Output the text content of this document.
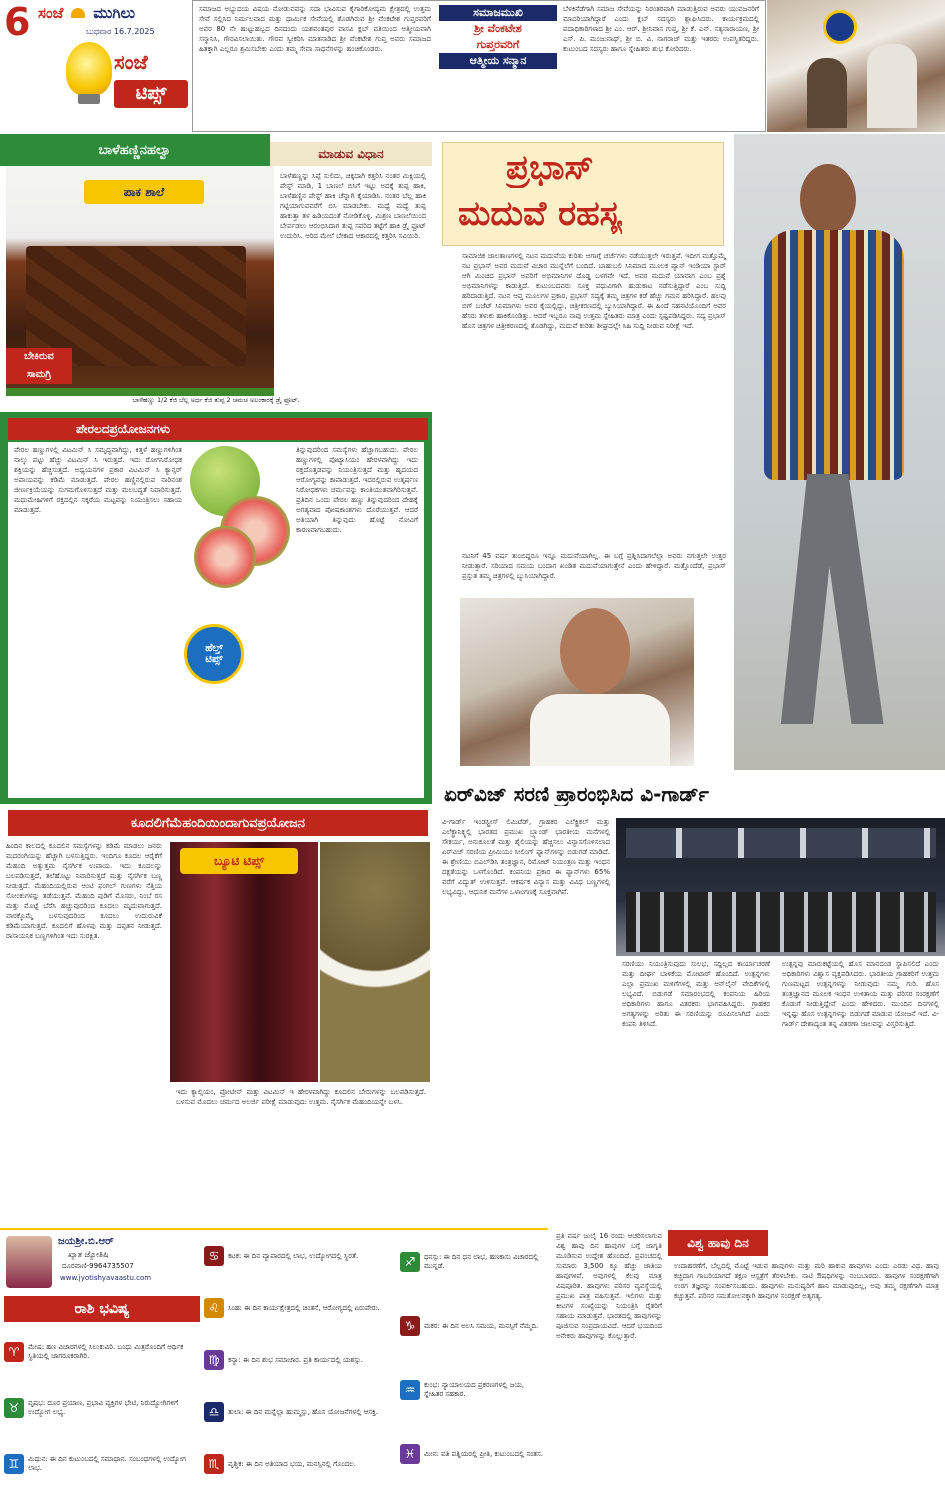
6 ಸಂಜೆ ಮುಗಿಲು
ಬುಧವಾರ 16.7.2025
ಸಂಜೆ
ಟಿಪ್ಸ್
ಸಮಾಜದ ಅಭ್ಯುದಯ ವಿಷಯ ನೋಡುವವನ್ನು ಸದಾ ಭಾವಿಸುವ ಕೈಗಾರಿಕೋದ್ಯಮ ಕ್ಷೇತ್ರದಲ್ಲಿ ಉತ್ತಮ ಸೇವೆ ಸಲ್ಲಿಸಿದ ನಿರ್ಮಲವಾದ ಮತ್ತು ಧಾರ್ಮಿಕ ಸೇವೆಯಲ್ಲಿ ತೊಡಗಿರುವ ಶ್ರೀ ವೆಂಕಟೇಶ ಗುಪ್ತರವರಿಗೆ ಅವರ 80 ನೇ ಹುಟ್ಟುಹಬ್ಬದ ದಿನದಂದು ಯಶವಂತಪುರ ವಾಸವಿ ಕ್ಲಬ್ ವತಿಯಿಂದ ಆತ್ಮೀಯವಾಗಿ ಸನ್ಮಾನಿಸಿ, ಗೌರವಿಸಲಾಯಿತು. ಗೌರವ ಸ್ವೀಕರಿಸಿ ಮಾತನಾಡಿದ ಶ್ರೀ ವೆಂಕಟೇಶ ಗುಪ್ತ ಅವರು ಸಮಾಜದ ಹಿತಕ್ಕಾಗಿ ಎಲ್ಲರೂ ಶ್ರಮಿಸಬೇಕು ಎಂದು ತಮ್ಮ ಸೇವಾ ಸಾಧನೆಗಳನ್ನು ಹಂಚಿಕೊಂಡರು.
ಸಮಾಜಮುಖಿ
ಶ್ರೀ ವೆಂಕಟೇಶ
ಗುಪ್ತರವರಿಗೆ
ಆತ್ಮೀಯ ಸನ್ಮಾನ
ಬೆಳಕಿನೆಡೆಗಾಗಿ ಸಮಾಜ ಸೇವೆಯನ್ನು ನಿರಂತರವಾಗಿ ಮಾಡುತ್ತಿರುವ ಅವರು ಯುವಜನರಿಗೆ ಮಾದರಿಯಾಗಿದ್ದಾರೆ ಎಂದು ಕ್ಲಬ್ ಸದಸ್ಯರು ಶ್ಲಾಘಿಸಿದರು. ಕಾರ್ಯಕ್ರಮದಲ್ಲಿ ಪದಾಧಿಕಾರಿಗಳಾದ ಶ್ರೀ ಎಂ. ಆರ್. ಶ್ರೀನಿವಾಸ ಗುಪ್ತ, ಶ್ರೀ ಕೆ. ಎನ್. ಸತ್ಯನಾರಾಯಣ, ಶ್ರೀ ಎಸ್. ಪಿ. ಮಂಜುನಾಥ್, ಶ್ರೀ ಬಿ. ವಿ. ನಾಗರಾಜ್ ಮತ್ತು ಇತರರು ಉಪಸ್ಥಿತರಿದ್ದರು. ಕುಟುಂಬದ ಸದಸ್ಯರು ಹಾಗೂ ಸ್ನೇಹಿತರು ಶುಭ ಕೋರಿದರು.
ಬಾಳೆಹಣ್ಣಿನಹಲ್ವಾ	ಮಾಡುವ ವಿಧಾನ
ಪಾಕ ಶಾಲೆ
ಬೇಕಿರುವ
ಸಾಮಗ್ರಿ
ಬಾಳೆಹಣ್ಣು 1/2 ಕೆಜಿ ಬೆಲ್ಲ ಅರ್ಧ ಕೆಜಿ ತುಪ್ಪ 2 ಚಮಚ ಅಲಂಕಾರಕ್ಕೆ ಡ್ರೈ ಫ್ರೂಟ್.
ಬಾಳೆಹಣ್ಣನ್ನು ಸಿಪ್ಪೆ ಸುಲಿದು, ಚಿಕ್ಕದಾಗಿ ಕತ್ತರಿಸಿ ನಂತರ ಮಿಕ್ಸಿಯಲ್ಲಿ ಪೇಸ್ಟ್ ಮಾಡಿ, 1 ಬಾಣಲೆ ಬಿಸಿಗೆ ಇಟ್ಟು ಅದಕ್ಕೆ ತುಪ್ಪ ಹಾಕಿ, ಬಾಳೆಹಣ್ಣಿನ ಪೇಸ್ಟ್ ಹಾಕಿ ಚೆನ್ನಾಗಿ ಕೈಯಾಡಿಸಿ. ನಂತರ ಬೆಲ್ಲ ಹಾಕಿ ಗಟ್ಟಿಯಾಗುವವರೆಗೆ ಬಿಸಿ ಮಾಡಬೇಕು. ಮಧ್ಯೆ ಮಧ್ಯೆ ತುಪ್ಪ ಹಾಕುತ್ತಾ ತಳ ಹಿಡಿಯದಂತೆ ನೋಡಿಕೊಳ್ಳಿ. ಮಿಶ್ರಣ ಬಾಣಲೆಯಿಂದ ಬೇರ್ಪಡಲು ಆರಂಭಿಸಿದಾಗ ತುಪ್ಪ ಸವರಿದ ತಟ್ಟೆಗೆ ಹಾಕಿ ಡ್ರೈ ಫ್ರೂಟ್ ಉದುರಿಸಿ. ಆರಿದ ಮೇಲೆ ಬೇಕಾದ ಆಕಾರದಲ್ಲಿ ಕತ್ತರಿಸಿ ಸವಿಯಿರಿ.
ಪೇರಲದಪ್ರಯೋಜನಗಳು
ಪೇರಲ ಹಣ್ಣುಗಳಲ್ಲಿ ವಿಟಮಿನ್ ಸಿ ಸಮೃದ್ಧವಾಗಿದ್ದು, ಕಿತ್ತಳೆ ಹಣ್ಣುಗಳಿಗಿಂತ ನಾಲ್ಕು ಪಟ್ಟು ಹೆಚ್ಚು ವಿಟಮಿನ್ ಸಿ ಇರುತ್ತದೆ. ಇದು ರೋಗನಿರೋಧಕ ಶಕ್ತಿಯನ್ನು ಹೆಚ್ಚಿಸುತ್ತದೆ. ಅಧ್ಯಯನಗಳ ಪ್ರಕಾರ ವಿಟಮಿನ್ ಸಿ ಕ್ಯಾನ್ಸರ್ ಅಪಾಯವನ್ನು ಕಡಿಮೆ ಮಾಡುತ್ತದೆ. ಪೇರಲ ಹಣ್ಣಿನಲ್ಲಿರುವ ನಾರಿನಂಶ ಜೀರ್ಣಕ್ರಿಯೆಯನ್ನು ಸುಗಮಗೊಳಿಸುತ್ತದೆ ಮತ್ತು ಮಲಬದ್ಧತೆ ನಿವಾರಿಸುತ್ತದೆ. ಮಧುಮೇಹಿಗಳಿಗೆ ರಕ್ತದಲ್ಲಿನ ಸಕ್ಕರೆಯ ಮಟ್ಟವನ್ನು ನಿಯಂತ್ರಿಸಲು ಸಹಾಯ ಮಾಡುತ್ತದೆ.
ಹೆಲ್ತ್
ಟಿಪ್ಸ್
ತಿನ್ನುವುದರಿಂದ ಸಮಸ್ಯೆಗಳು ಹೆಚ್ಚಾಗಬಹುದು. ಪೇರಲ ಹಣ್ಣುಗಳಲ್ಲಿ ಪೊಟ್ಯಾಸಿಯಂ ಹೇರಳವಾಗಿದ್ದು ಇದು ರಕ್ತದೊತ್ತಡವನ್ನು ನಿಯಂತ್ರಿಸುತ್ತದೆ ಮತ್ತು ಹೃದಯದ ಆರೋಗ್ಯವನ್ನು ಕಾಪಾಡುತ್ತದೆ. ಇದರಲ್ಲಿರುವ ಉತ್ಕರ್ಷಣ ನಿರೋಧಕಗಳು ಚರ್ಮವನ್ನು ಕಾಂತಿಯುತವಾಗಿರಿಸುತ್ತವೆ. ಪ್ರತಿದಿನ ಒಂದು ಪೇರಲ ಹಣ್ಣು ತಿನ್ನುವುದರಿಂದ ದೇಹಕ್ಕೆ ಅಗತ್ಯವಾದ ಪೋಷಕಾಂಶಗಳು ದೊರೆಯುತ್ತವೆ. ಆದರೆ ಅತಿಯಾಗಿ ತಿನ್ನುವುದು ಹೊಟ್ಟೆ ನೋವಿಗೆ ಕಾರಣವಾಗಬಹುದು.
ಪ್ರಭಾಸ್
ಮದುವೆ ರಹಸ್ಯ
ಸಾಮಾಜಿಕ ಜಾಲತಾಣಗಳಲ್ಲಿ ನಟನ ಮದುವೆಯ ಕುರಿತು ಆಗಾಗ್ಗೆ ಚರ್ಚೆಗಳು ನಡೆಯುತ್ತಲೇ ಇರುತ್ತವೆ. ಇದೀಗ ಮತ್ತೊಮ್ಮೆ ನಟ ಪ್ರಭಾಸ್ ಅವರ ಮದುವೆ ವಿಚಾರ ಮುನ್ನೆಲೆಗೆ ಬಂದಿದೆ. ಬಾಹುಬಲಿ ಸಿನಿಮಾದ ಮೂಲಕ ಪ್ಯಾನ್ ಇಂಡಿಯಾ ಸ್ಟಾರ್ ಆಗಿ ಮಿಂಚಿದ ಪ್ರಭಾಸ್ ಅವರಿಗೆ ಅಭಿಮಾನಿಗಳ ದೊಡ್ಡ ಬಳಗವೇ ಇದೆ. ಅವರ ಮದುವೆ ಯಾವಾಗ ಎಂಬ ಪ್ರಶ್ನೆ ಅಭಿಮಾನಿಗಳನ್ನು ಕಾಡುತ್ತಿದೆ. ಕುಟುಂಬದವರು ಸೂಕ್ತ ವಧುವಿಗಾಗಿ ಹುಡುಕಾಟ ನಡೆಸುತ್ತಿದ್ದಾರೆ ಎಂಬ ಸುದ್ದಿ ಹರಿದಾಡುತ್ತಿದೆ. ನಟನ ಆಪ್ತ ಮೂಲಗಳ ಪ್ರಕಾರ, ಪ್ರಭಾಸ್ ಸದ್ಯಕ್ಕೆ ತಮ್ಮ ಚಿತ್ರಗಳ ಕಡೆ ಹೆಚ್ಚು ಗಮನ ಹರಿಸಿದ್ದಾರೆ. ಹಲವು ಬಿಗ್ ಬಜೆಟ್ ಸಿನಿಮಾಗಳು ಅವರ ಕೈಯಲ್ಲಿದ್ದು, ಚಿತ್ರೀಕರಣದಲ್ಲಿ ಬ್ಯುಸಿಯಾಗಿದ್ದಾರೆ. ಈ ಹಿಂದೆ ಸಹನಟಿಯೊಂದಿಗೆ ಅವರ ಹೆಸರು ತಳುಕು ಹಾಕಿಕೊಂಡಿತ್ತು. ಆದರೆ ಇಬ್ಬರೂ ನಾವು ಉತ್ತಮ ಸ್ನೇಹಿತರು ಮಾತ್ರ ಎಂದು ಸ್ಪಷ್ಟಪಡಿಸಿದ್ದರು. ಸದ್ಯ ಪ್ರಭಾಸ್ ಹೊಸ ಚಿತ್ರಗಳ ಚಿತ್ರೀಕರಣದಲ್ಲಿ ತೊಡಗಿದ್ದು, ಮದುವೆ ಕುರಿತು ಶೀಘ್ರದಲ್ಲೇ ಸಿಹಿ ಸುದ್ದಿ ನೀಡುವ ನಿರೀಕ್ಷೆ ಇದೆ.
ನಟನಿಗೆ 45 ವರ್ಷ ತುಂಬಿದ್ದರೂ ಇನ್ನೂ ಮದುವೆಯಾಗಿಲ್ಲ. ಈ ಬಗ್ಗೆ ಪ್ರಶ್ನಿಸಿದಾಗಲೆಲ್ಲಾ ಅವರು ನಗುತ್ತಲೇ ಉತ್ತರ ನೀಡುತ್ತಾರೆ. ಸರಿಯಾದ ಸಮಯ ಬಂದಾಗ ಖಂಡಿತ ಮದುವೆಯಾಗುತ್ತೇನೆ ಎಂದು ಹೇಳಿದ್ದಾರೆ. ಮತ್ತೊಂದೆಡೆ, ಪ್ರಭಾಸ್ ಪ್ರಸ್ತುತ ತಮ್ಮ ಚಿತ್ರಗಳಲ್ಲಿ ಬ್ಯುಸಿಯಾಗಿದ್ದಾರೆ.
ಏರ್‌ವಿಜ್ ಸರಣಿ ಪ್ರಾರಂಭಿಸಿದ ವಿ-ಗಾರ್ಡ್
ವಿ-ಗಾರ್ಡ್ ಇಂಡಸ್ಟ್ರೀಸ್ ಲಿಮಿಟೆಡ್, ಗ್ರಾಹಕರ ಎಲೆಕ್ಟ್ರಿಕಲ್ ಮತ್ತು ಎಲೆಕ್ಟ್ರಾನಿಕ್ಸ್ನಲ್ಲಿ ಭಾರತದ ಪ್ರಮುಖ ಬ್ರ್ಯಾಂಡ್ ಭಾರತೀಯ ಮನೆಗಳಲ್ಲಿ ಸೌಕರ್ಯ, ಅನುಕೂಲತೆ ಮತ್ತು ಶೈಲಿಯನ್ನು ಹೆಚ್ಚಿಸಲು ವಿನ್ಯಾಸಗೊಳಿಸಲಾದ ಏರ್‌ವಿಜ್ ಸರಣಿಯ ಪ್ರೀಮಿಯಂ ಸೀಲಿಂಗ್ ಫ್ಯಾನ್‌ಗಳನ್ನು ಬಿಡುಗಡೆ ಮಾಡಿದೆ. ಈ ಶ್ರೇಣಿಯು ಬಿಎಲ್‌ಡಿಸಿ ತಂತ್ರಜ್ಞಾನ, ರಿಮೋಟ್ ನಿಯಂತ್ರಣ ಮತ್ತು ಇಂಧನ ದಕ್ಷತೆಯನ್ನು ಒಳಗೊಂಡಿದೆ. ಕಂಪನಿಯ ಪ್ರಕಾರ ಈ ಫ್ಯಾನ್‌ಗಳು 65% ವರೆಗೆ ವಿದ್ಯುತ್ ಉಳಿಸುತ್ತವೆ. ಆಕರ್ಷಕ ವಿನ್ಯಾಸ ಮತ್ತು ವಿವಿಧ ಬಣ್ಣಗಳಲ್ಲಿ ಲಭ್ಯವಿದ್ದು, ಆಧುನಿಕ ಮನೆಗಳ ಒಳಾಂಗಣಕ್ಕೆ ಸೂಕ್ತವಾಗಿವೆ.
ಸರಣಿಯು ನಿಯಂತ್ರಿಸುವುದು ಸುಲಭ, ಸದ್ದಿಲ್ಲದ ಕಾರ್ಯಾಚರಣೆ ಮತ್ತು ದೀರ್ಘ ಬಾಳಿಕೆಯ ಮೋಟಾರ್ ಹೊಂದಿದೆ. ಉತ್ಪನ್ನಗಳು ಎಲ್ಲಾ ಪ್ರಮುಖ ಮಳಿಗೆಗಳಲ್ಲಿ ಮತ್ತು ಆನ್‌ಲೈನ್ ವೇದಿಕೆಗಳಲ್ಲಿ ಲಭ್ಯವಿದೆ. ಬಿಡುಗಡೆ ಸಮಾರಂಭದಲ್ಲಿ ಕಂಪನಿಯ ಹಿರಿಯ ಅಧಿಕಾರಿಗಳು ಹಾಗೂ ವಿತರಕರು ಭಾಗವಹಿಸಿದ್ದರು. ಗ್ರಾಹಕರ ಅಗತ್ಯಗಳನ್ನು ಅರಿತು ಈ ಸರಣಿಯನ್ನು ರೂಪಿಸಲಾಗಿದೆ ಎಂದು ಕಂಪನಿ ತಿಳಿಸಿದೆ.
ಉತ್ಪನ್ನವು ಮಾರುಕಟ್ಟೆಯಲ್ಲಿ ಹೊಸ ಮಾನದಂಡ ಸ್ಥಾಪಿಸಲಿದೆ ಎಂದು ಅಧಿಕಾರಿಗಳು ವಿಶ್ವಾಸ ವ್ಯಕ್ತಪಡಿಸಿದರು. ಭಾರತೀಯ ಗ್ರಾಹಕರಿಗೆ ಉತ್ತಮ ಗುಣಮಟ್ಟದ ಉತ್ಪನ್ನಗಳನ್ನು ನೀಡುವುದು ನಮ್ಮ ಗುರಿ. ಹೊಸ ತಂತ್ರಜ್ಞಾನದ ಮೂಲಕ ಇಂಧನ ಉಳಿತಾಯ ಮತ್ತು ಪರಿಸರ ಸಂರಕ್ಷಣೆಗೆ ಕೊಡುಗೆ ನೀಡುತ್ತಿದ್ದೇವೆ ಎಂದು ಹೇಳಿದರು. ಮುಂದಿನ ದಿನಗಳಲ್ಲಿ ಇನ್ನಷ್ಟು ಹೊಸ ಉತ್ಪನ್ನಗಳನ್ನು ಬಿಡುಗಡೆ ಮಾಡುವ ಯೋಜನೆ ಇದೆ. ವಿ-ಗಾರ್ಡ್ ದೇಶಾದ್ಯಂತ ತನ್ನ ವಿತರಣಾ ಜಾಲವನ್ನು ವಿಸ್ತರಿಸುತ್ತಿದೆ.
ಕೂದಲಿಗೆಮೆಹಂದಿಯಿಂದಾಗುವಪ್ರಯೋಜನ
ಹಿಂದಿನ ಕಾಲದಲ್ಲಿ ಕೂದಲಿನ ಸಮಸ್ಯೆಗಳನ್ನು ಕಡಿಮೆ ಮಾಡಲು ಜನರು ಮದರಂಗಿಯನ್ನು ಹೆಚ್ಚಾಗಿ ಬಳಸುತ್ತಿದ್ದರು. ಇಂದಿಗೂ ಕೂದಲ ಆರೈಕೆಗೆ ಮೆಹಂದಿ ಅತ್ಯುತ್ತಮ ನೈಸರ್ಗಿಕ ಉಪಾಯ. ಇದು ಕೂದಲನ್ನು ಬಲಪಡಿಸುತ್ತದೆ, ತಲೆಹೊಟ್ಟು ನಿವಾರಿಸುತ್ತದೆ ಮತ್ತು ನೈಸರ್ಗಿಕ ಬಣ್ಣ ನೀಡುತ್ತದೆ. ಮೆಹಂದಿಯಲ್ಲಿರುವ ಆಂಟಿ ಫಂಗಲ್ ಗುಣಗಳು ನೆತ್ತಿಯ ಸೋಂಕುಗಳನ್ನು ತಡೆಯುತ್ತವೆ. ಮೆಹಂದಿ ಪುಡಿಗೆ ಮೊಸರು, ನಿಂಬೆ ರಸ ಮತ್ತು ಮೊಟ್ಟೆ ಬೆರೆಸಿ ಹಚ್ಚುವುದರಿಂದ ಕೂದಲು ಮೃದುವಾಗುತ್ತದೆ. ವಾರಕ್ಕೊಮ್ಮೆ ಬಳಸುವುದರಿಂದ ಕೂದಲು ಉದುರುವಿಕೆ ಕಡಿಮೆಯಾಗುತ್ತದೆ. ಕೂದಲಿಗೆ ಹೊಳಪು ಮತ್ತು ದಪ್ಪತನ ನೀಡುತ್ತದೆ. ರಾಸಾಯನಿಕ ಬಣ್ಣಗಳಿಗಿಂತ ಇದು ಸುರಕ್ಷಿತ.
ಬ್ಯೂಟಿ ಟಿಪ್ಸ್
ಇದು ಕ್ಯಾಲ್ಸಿಯಂ, ಪ್ರೋಟೀನ್ ಮತ್ತು ವಿಟಮಿನ್ ಇ ಹೇರಳವಾಗಿದ್ದು ಕೂದಲಿನ ಬೇರುಗಳನ್ನು ಬಲಪಡಿಸುತ್ತದೆ. ಬಳಸುವ ಮೊದಲು ಚರ್ಮದ ಅಲರ್ಜಿ ಪರೀಕ್ಷೆ ಮಾಡುವುದು ಉತ್ತಮ. ನೈಸರ್ಗಿಕ ಮೆಹಂದಿಯನ್ನೇ ಬಳಸಿ.
ಜಯಶ್ರೀ.ಬಿ.ಆರ್
ಖ್ಯಾತ ಜ್ಯೋತಿಷಿ
ದೂರವಾಣಿ-9964735507
www.jyotishyavaastu.com
ರಾಶಿ ಭವಿಷ್ಯ
♈	ಮೇಷ: ಹಣ ವಿಚಾರಗಳಲ್ಲಿ ಸಿಲುಕುವಿರಿ. ಬಂಧು ಮಿತ್ರರೊಂದಿಗೆ ಆರ್ಥಿಕ ಸ್ಥಿತಿಯಲ್ಲಿ ಜಾಗರೂಕರಾಗಿರಿ.
♉	ವೃಷಭ: ದೂರ ಪ್ರಯಾಣ, ಪ್ರಭಾವಿ ವ್ಯಕ್ತಿಗಳ ಭೇಟಿ, ನಿರುದ್ಯೋಗಿಗಳಿಗೆ ಉದ್ಯೋಗ ಲಭ್ಯ.
♊	ಮಿಥುನ: ಈ ದಿನ ಕುಟುಂಬದಲ್ಲಿ ಸಮಾಧಾನ. ಸಂಬಂಧಗಳಲ್ಲಿ ಉದ್ಯೋಗ ಲಾಭ.
♋	ಕಟಕ: ಈ ದಿನ ವ್ಯಾಪಾರದಲ್ಲಿ ಲಾಭ, ಉದ್ಯೋಗದಲ್ಲಿ ಸ್ಥಿರತೆ.
♌	ಸಿಂಹ: ಈ ದಿನ ಕಾರ್ಯಕ್ಷೇತ್ರದಲ್ಲಿ ಚಿಂತನೆ, ಆರೋಗ್ಯದಲ್ಲಿ ಏರುಪೇರು.
♍	ಕನ್ಯಾ: ಈ ದಿನ ಶುಭ ಸಮಾಚಾರ. ಪ್ರತಿ ಕಾರ್ಯದಲ್ಲಿ ಯಶಸ್ಸು.
♎	ತುಲಾ: ಈ ದಿನ ಮನ್ನೆಲ್ಲಾ ಹುಮ್ಮಸ್ಸು, ಹೊಸ ಯೋಜನೆಗಳಲ್ಲಿ ಆಸಕ್ತಿ.
♏	ವೃಶ್ಚಿಕ: ಈ ದಿನ ಅತಿಯಾದ ಭಯ, ಮನಸ್ಸಿನಲ್ಲಿ ಗೊಂದಲ.
♐	ಧನಸ್ಸು: ಈ ದಿನ ಧನ ಲಾಭ, ಹಣಕಾಸು ವಿಚಾರದಲ್ಲಿ ಮುನ್ನಡೆ.
♑	ಮಕರ: ಈ ದಿನ ಅಲಸಿ ಸಮಯ, ಮನಸ್ಸಿಗೆ ನೆಮ್ಮದಿ.
♒	ಕುಂಭ: ನ್ಯಾಯಾಲಯದ ಪ್ರಕರಣಗಳಲ್ಲಿ ಜಯ, ಸ್ನೇಹಿತರ ಸಹಕಾರ.
♓	ಮೀನ: ಪತಿ ಪತ್ನಿಯರಲ್ಲಿ ಪ್ರೀತಿ, ಕುಟುಂಬದಲ್ಲಿ ಸಂತಸ.
ಪ್ರತಿ ವರ್ಷ ಜುಲೈ 16 ರಂದು ಆಚರಿಸಲಾಗುವ ವಿಶ್ವ ಹಾವು ದಿನ ಹಾವುಗಳ ಬಗ್ಗೆ ಜಾಗೃತಿ ಮೂಡಿಸುವ ಉದ್ದೇಶ ಹೊಂದಿದೆ. ಪ್ರಪಂಚದಲ್ಲಿ ಸುಮಾರು 3,500 ಕ್ಕೂ ಹೆಚ್ಚು ಜಾತಿಯ ಹಾವುಗಳಿವೆ. ಅವುಗಳಲ್ಲಿ ಕೆಲವು ಮಾತ್ರ ವಿಷಪೂರಿತ. ಹಾವುಗಳು ಪರಿಸರ ವ್ಯವಸ್ಥೆಯಲ್ಲಿ ಪ್ರಮುಖ ಪಾತ್ರ ವಹಿಸುತ್ತವೆ. ಇಲಿಗಳು ಮತ್ತು ಕೀಟಗಳ ಸಂಖ್ಯೆಯನ್ನು ನಿಯಂತ್ರಿಸಿ ರೈತರಿಗೆ ಸಹಾಯ ಮಾಡುತ್ತವೆ. ಭಾರತದಲ್ಲಿ ಹಾವುಗಳನ್ನು ಪೂಜಿಸುವ ಸಂಪ್ರದಾಯವಿದೆ. ಆದರೆ ಭಯದಿಂದ ಅನೇಕರು ಹಾವುಗಳನ್ನು ಕೊಲ್ಲುತ್ತಾರೆ.
ವಿಶ್ವ ಹಾವು ದಿನ
ಉದಾಹರಣೆಗೆ, ಬೆಲ್ಲದಲ್ಲಿ ಮೊಟ್ಟೆ ಇಡುವ ಹಾವುಗಳು ಮತ್ತು ಮರಿ ಹಾಕುವ ಹಾವುಗಳು ಎಂದು ಎರಡು ವಿಧ. ಹಾವು ಕಚ್ಚಿದಾಗ ಗಾಬರಿಯಾಗದೆ ತಕ್ಷಣ ಆಸ್ಪತ್ರೆಗೆ ತೆರಳಬೇಕು. ನಾಟಿ ಔಷಧಿಗಳನ್ನು ನಂಬಬಾರದು. ಹಾವುಗಳ ಸಂರಕ್ಷಣೆಗಾಗಿ ಉರಗ ತಜ್ಞರನ್ನು ಸಂಪರ್ಕಿಸಬಹುದು. ಹಾವುಗಳು ಮನುಷ್ಯರಿಗೆ ಹಾನಿ ಮಾಡುವುದಿಲ್ಲ, ಅವು ತಮ್ಮ ರಕ್ಷಣೆಗಾಗಿ ಮಾತ್ರ ಕಚ್ಚುತ್ತವೆ. ಪರಿಸರ ಸಮತೋಲನಕ್ಕಾಗಿ ಹಾವುಗಳ ಸಂರಕ್ಷಣೆ ಅತ್ಯಗತ್ಯ.
